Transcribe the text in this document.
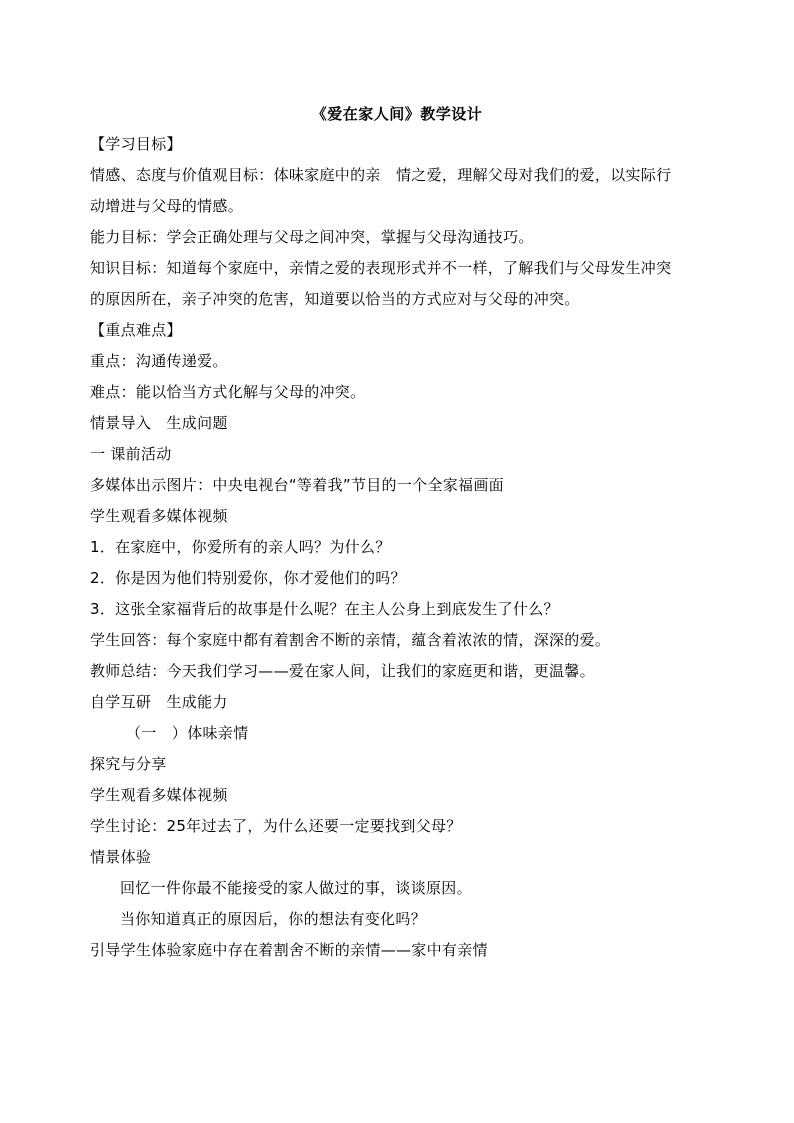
《爱在家人间》教学设计
【学习目标】
情感、态度与价值观目标：体味家庭中的亲　情之爱，理解父母对我们的爱，以实际行
动增进与父母的情感。
能力目标：学会正确处理与父母之间冲突，掌握与父母沟通技巧。
知识目标：知道每个家庭中，亲情之爱的表现形式并不一样，了解我们与父母发生冲突
的原因所在，亲子冲突的危害，知道要以恰当的方式应对与父母的冲突。
【重点难点】
重点：沟通传递爱。
难点：能以恰当方式化解与父母的冲突。
情景导入　生成问题
一 课前活动
多媒体出示图片：中央电视台“等着我”节目的一个全家福画面
学生观看多媒体视频
1．在家庭中，你爱所有的亲人吗？为什么？
2．你是因为他们特别爱你，你才爱他们的吗？
3．这张全家福背后的故事是什么呢？在主人公身上到底发生了什么？
学生回答：每个家庭中都有着割舍不断的亲情，蕴含着浓浓的情，深深的爱。
教师总结：今天我们学习——爱在家人间，让我们的家庭更和谐，更温馨。
自学互研　生成能力
（一　）体味亲情
探究与分享
学生观看多媒体视频
学生讨论：25年过去了，为什么还要一定要找到父母？
情景体验
回忆一件你最不能接受的家人做过的事，谈谈原因。
当你知道真正的原因后，你的想法有变化吗？
引导学生体验家庭中存在着割舍不断的亲情——家中有亲情
